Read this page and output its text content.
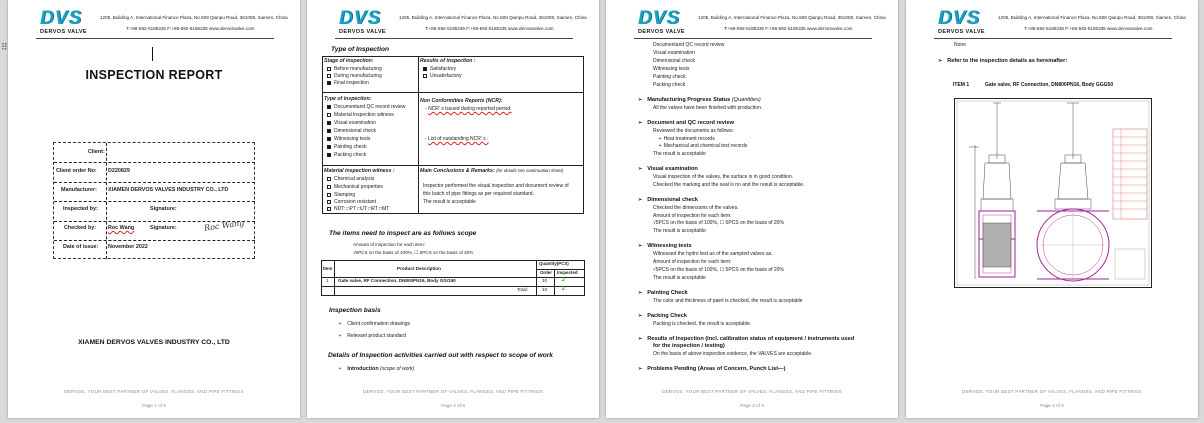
⠿
DVS
DERVOS VALVE
1205, Building A, International Finance Plaza, No.508 Qianpu Road, 361008, Xiamen, China
T:+86-592-5185336 F:+86-592-5185335 www.dervosvalve.com
INSPECTION REPORT
Client:
Client order No: D220829
Manufacturer: XIAMEN DERVOS VALVES INDUSTRY CO., LTD
Inspected by:	Signature:
Checked by: Roc Wang	Signature:	Roc Wang
Date of issue: November 2022
XIAMEN DERVOS VALVES INDUSTRY CO., LTD
DERVOS, YOUR BEST PARTNER OF VALVES, FLANGES, AND PIPE FITTINGS
Page 1 of 9
DVS
DERVOS VALVE
1205, Building A, International Finance Plaza, No.508 Qianpu Road, 361008, Xiamen, China
T:+86-592-5185336 F:+86-592-5185335 www.dervosvalve.com
Type of Inspection
Stage of inspection:
Before manufacturing
During manufacturing
Final inspection
Results of inspection :
Satisfactory
Unsatisfactory
Type of inspection:
Documentand QC record review
Material inspection witness
Visual examination
Dimensional check
Witnessing tests
Painting check
Packing check
Non Conformities Reports (NCR):
- NCR' s issued during reported period:
- List of outstanding NCR' s :
Material inspection witness :
Chemical analysis
Mechanical properties
Stamping
Corrosion resistant
NDT: □PT □UT □RT □MT
Main Conclusions & Remarks: (for details see continuation sheet)
Inspector performed the visual inspection and document review of
this batch of pipe fittings as per required standard.
The result is acceptable
The items need to inspect are as follows scope
Amount of inspection for each item:
√5PCS on the basis of 100%, ☐ 5PCS on the basis of 20%
Item	Product Description
Quantity(PCS)
Order Inspected
1 Gate valve, RF Connection, DN800PN16, Body GGG50	10	2
Total:	10	2
Inspection basis
➢ Client confirmation drawings
➢ Relevant product standard
Details of Inspection activities carried out with respect to scope of work
➢ Introduction (scope of work)
DERVOS, YOUR BEST PARTNER OF VALVES, FLANGES, AND PIPE FITTINGS
Page 2 of 9
DVS
DERVOS VALVE
1205, Building A, International Finance Plaza, No.508 Qianpu Road, 361008, Xiamen, China
T:+86-592-5185336 F:+86-592-5185335 www.dervosvalve.com
Documentand QC record review
Visual examination
Dimensional check
Witnessing tests
Painting check
Packing check
➢ Manufacturing Progress Status (Quantities)
All the valves have been finished with production.
➢ Document and QC record review
Reviewed the documents as follows:
➢ Heat treatment records
➢ Mechanical and chemical test records
The result is acceptable
➢ Visual examination
Visual inspection of the valves, the surface is in good condition.
Checked the marking and the seal is no and the result is acceptable.
➢ Dimensional check
Checked the dimensions of the valves.
Amount of inspection for each item:
√5PCS on the basis of 100%, ☐ 5PCS on the basis of 20%
The result is acceptable
➢ Witnessing tests
Witnessed the hydro test as of the sampled valves as.
Amount of inspection for each item:
√5PCS on the basis of 100%, ☐ 5PCS on the basis of 20%
The result is acceptable
➢ Painting Check
The color and thickness of paint is checked, the result is acceptable
➢ Packing Check
Packing is checked, the result is acceptable.
➢ Results of Inspection (incl. calibration status of equipment / instruments used
for the inspection / testing)
On the basis of above inspection evidence, the VALVES are acceptable.
➢ Problems Pending (Areas of Concern, Punch List—)
DERVOS, YOUR BEST PARTNER OF VALVES, FLANGES, AND PIPE FITTINGS
Page 3 of 9
DVS
DERVOS VALVE
1205, Building A, International Finance Plaza, No.508 Qianpu Road, 361008, Xiamen, China
T:+86-592-5185336 F:+86-592-5185335 www.dervosvalve.com
None
➢ Refer to the inspection details as hereinafter:
ITEM 1	Gate valve, RF Connection, DN800PN16, Body GGG50
DERVOS, YOUR BEST PARTNER OF VALVES, FLANGES, AND PIPE FITTINGS
Page 4 of 9
